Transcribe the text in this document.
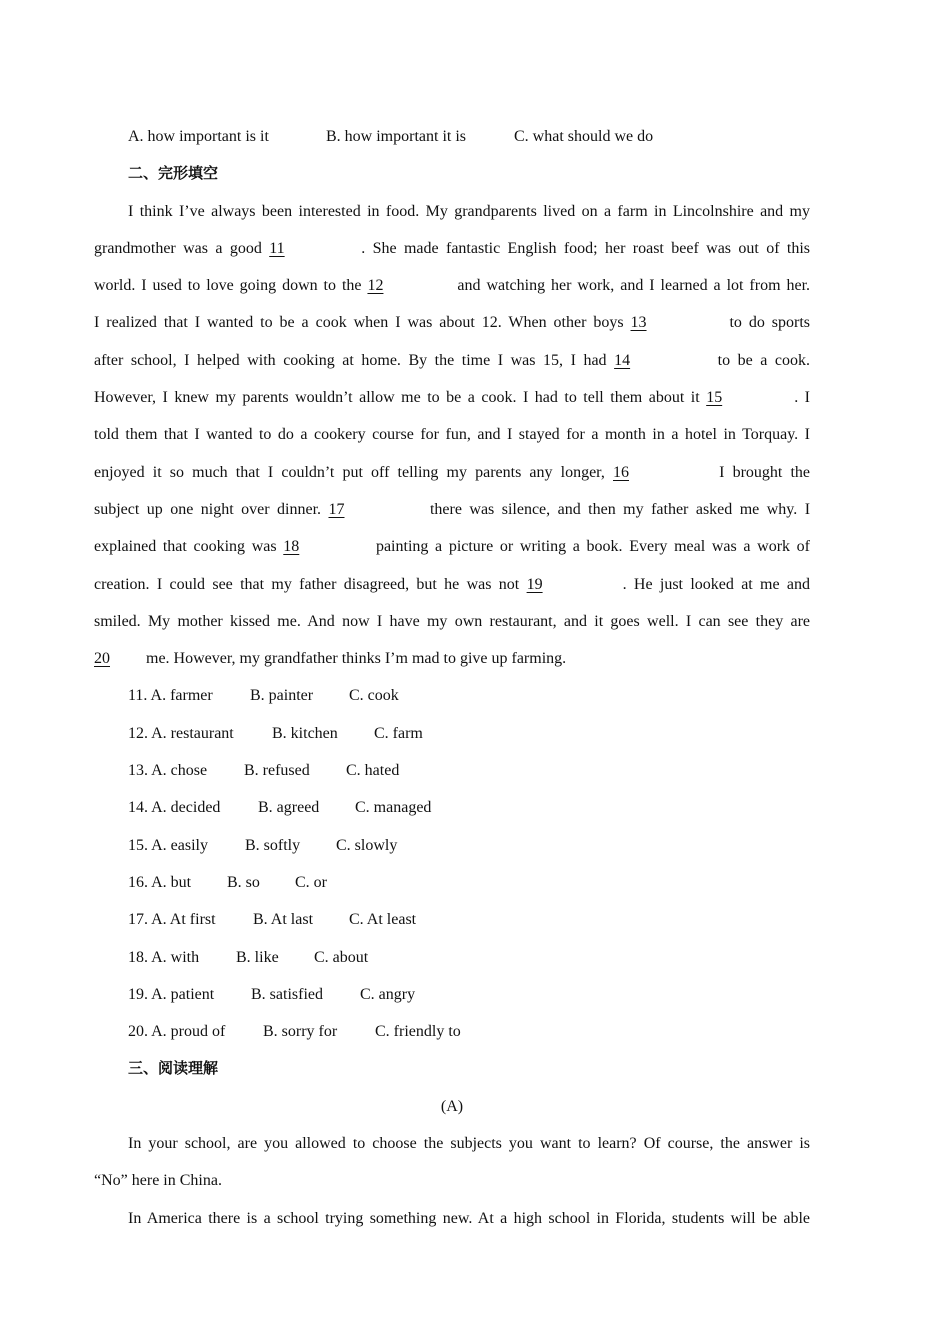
A. how important is it	B. how important it is	C. what should we do
二、完形填空
I think I’ve always been interested in food. My grandparents lived on a farm in Lincolnshire and my
grandmother was a good 11	. She made fantastic English food; her roast beef was out of this
world. I used to love going down to the 12	and watching her work, and I learned a lot from her.
I realized that I wanted to be a cook when I was about 12. When other boys 13	to do sports
after school, I helped with cooking at home. By the time I was 15, I had 14	to be a cook.
However, I knew my parents wouldn’t allow me to be a cook. I had to tell them about it 15	. I
told them that I wanted to do a cookery course for fun, and I stayed for a month in a hotel in Torquay. I
enjoyed it so much that I couldn’t put off telling my parents any longer, 16	I brought the
subject up one night over dinner. 17	there was silence, and then my father asked me why. I
explained that cooking was 18	painting a picture or writing a book. Every meal was a work of
creation. I could see that my father disagreed, but he was not 19	. He just looked at me and
smiled. My mother kissed me. And now I have my own restaurant, and it goes well. I can see they are
20 me. However, my grandfather thinks I’m mad to give up farming.
11. A. farmer B. painter C. cook
12. A. restaurant B. kitchen C. farm
13. A. chose B. refused C. hated
14. A. decided B. agreed C. managed
15. A. easily B. softly C. slowly
16. A. but B. so C. or
17. A. At first B. At last C. At least
18. A. with B. like C. about
19. A. patient B. satisfied C. angry
20. A. proud of B. sorry for C. friendly to
三、阅读理解
(A)
In your school, are you allowed to choose the subjects you want to learn? Of course, the answer is
“No” here in China.
In America there is a school trying something new. At a high school in Florida, students will be able
